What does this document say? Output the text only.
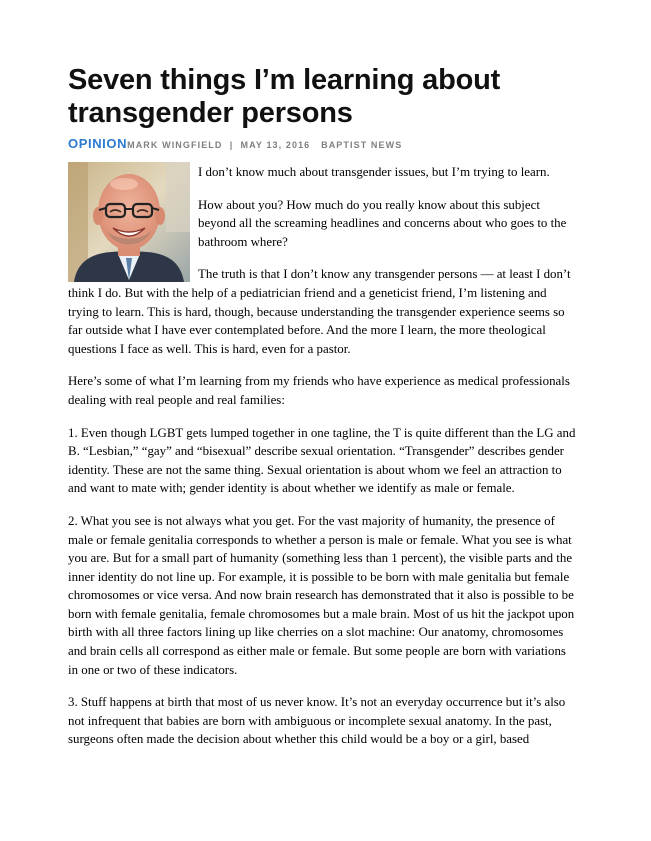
Seven things I’m learning about transgender persons
OPINIONMARK WINGFIELD | MAY 13, 2016 BAPTIST NEWS

I don’t know much about transgender issues, but I’m trying to learn.

How about you? How much do you really know about this subject beyond all the screaming headlines and concerns about who goes to the bathroom where?

The truth is that I don’t know any transgender persons — at least I don’t think I do. But with the help of a pediatrician friend and a geneticist friend, I’m listening and trying to learn. This is hard, though, because understanding the transgender experience seems so far outside what I have ever contemplated before. And the more I learn, the more theological questions I face as well. This is hard, even for a pastor.

Here’s some of what I’m learning from my friends who have experience as medical professionals dealing with real people and real families:

1. Even though LGBT gets lumped together in one tagline, the T is quite different than the LG and B. “Lesbian,” “gay” and “bisexual” describe sexual orientation. “Transgender” describes gender identity. These are not the same thing. Sexual orientation is about whom we feel an attraction to and want to mate with; gender identity is about whether we identify as male or female.

2. What you see is not always what you get. For the vast majority of humanity, the presence of male or female genitalia corresponds to whether a person is male or female. What you see is what you are. But for a small part of humanity (something less than 1 percent), the visible parts and the inner identity do not line up. For example, it is possible to be born with male genitalia but female chromosomes or vice versa. And now brain research has demonstrated that it also is possible to be born with female genitalia, female chromosomes but a male brain. Most of us hit the jackpot upon birth with all three factors lining up like cherries on a slot machine: Our anatomy, chromosomes and brain cells all correspond as either male or female. But some people are born with variations in one or two of these indicators.

3. Stuff happens at birth that most of us never know. It’s not an everyday occurrence but it’s also not infrequent that babies are born with ambiguous or incomplete sexual anatomy. In the past, surgeons often made the decision about whether this child would be a boy or a girl, based
